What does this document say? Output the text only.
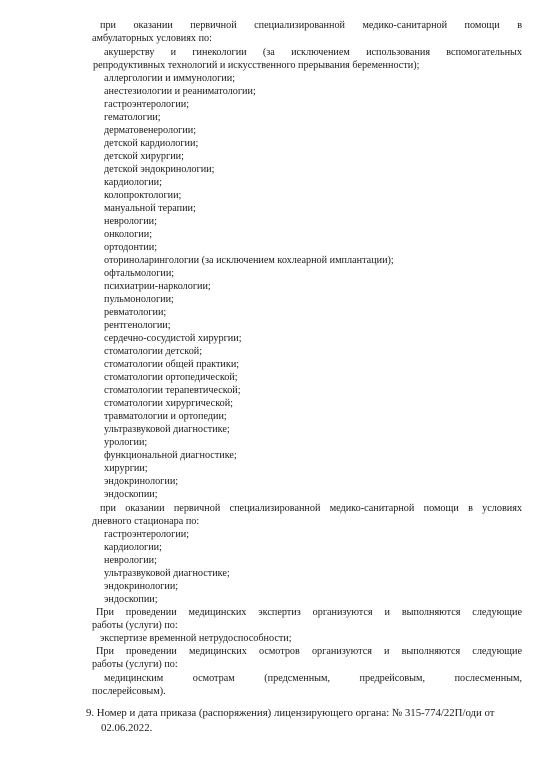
при оказании первичной специализированной медико-санитарной помощи в

амбулаторных условиях по:

акушерству и гинекологии (за исключением использования вспомогательных

репродуктивных технологий и искусственного прерывания беременности);

аллергологии и иммунологии;

анестезиологии и реаниматологии;

гастроэнтерологии;

гематологии;

дерматовенерологии;

детской кардиологии;

детской хирургии;

детской эндокринологии;

кардиологии;

колопроктологии;

мануальной терапии;

неврологии;

онкологии;

ортодонтии;

оториноларингологии (за исключением кохлеарной имплантации);

офтальмологии;

психиатрии-наркологии;

пульмонологии;

ревматологии;

рентгенологии;

сердечно-сосудистой хирургии;

стоматологии детской;

стоматологии общей практики;

стоматологии ортопедической;

стоматологии терапевтической;

стоматологии хирургической;

травматологии и ортопедии;

ультразвуковой диагностике;

урологии;

функциональной диагностике;

хирургии;

эндокринологии;

эндоскопии;

при оказании первичной специализированной медико-санитарной помощи в условиях

дневного стационара по:

гастроэнтерологии;

кардиологии;

неврологии;

ультразвуковой диагностике;

эндокринологии;

эндоскопии;

При проведении медицинских экспертиз организуются и выполняются следующие

работы (услуги) по:

экспертизе временной нетрудоспособности;

При проведении медицинских осмотров организуются и выполняются следующие

работы (услуги) по:

медицинским осмотрам (предсменным, предрейсовым, послесменным,

послерейсовым).

9. Номер и дата приказа (распоряжения) лицензирующего органа: № 315-774/22П/оди от

02.06.2022.
